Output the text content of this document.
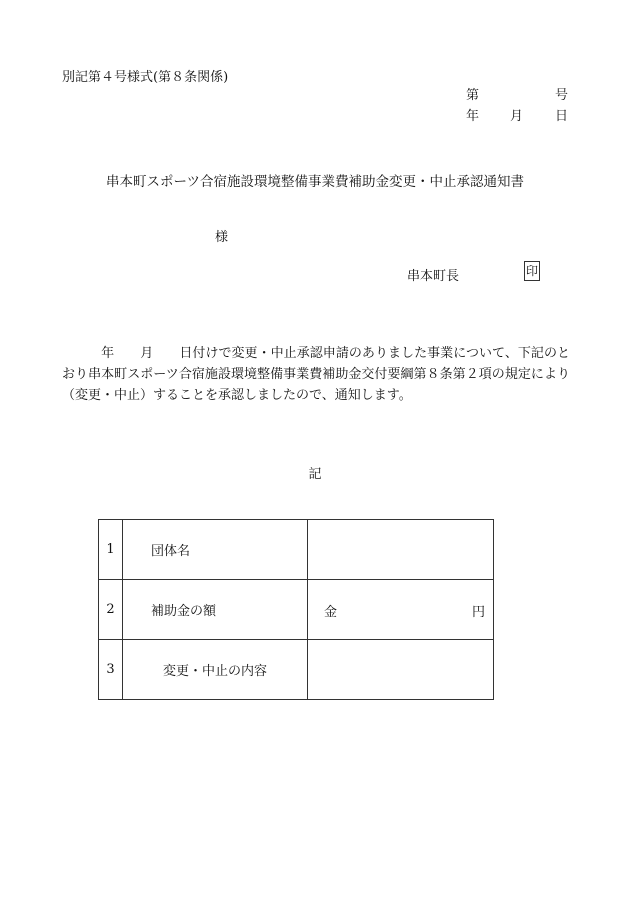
別記第４号様式(第８条関係)
第	号
年 月 日
串本町スポーツ合宿施設環境整備事業費補助金変更・中止承認通知書
様
串本町長	印
　　　年　　月　　日付けで変更・中止承認申請のありました事業について、下記のとおり串本町スポーツ合宿施設環境整備事業費補助金交付要綱第８条第２項の規定により（変更・中止）することを承認しましたので、通知します。
記
1	団体名	
2	補助金の額	金 円

3	変更・中止の内容	
